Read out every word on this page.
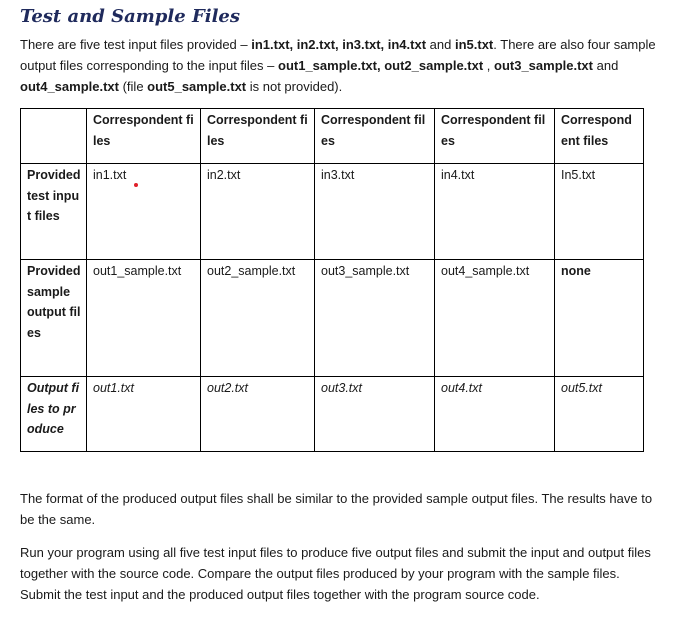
Test and Sample Files

There are five test input files provided – in1.txt, in2.txt, in3.txt, in4.txt and in5.txt. There are also four sample output files corresponding to the input files – out1_sample.txt, out2_sample.txt , out3_sample.txt and out4_sample.txt (file out5_sample.txt is not provided).

	Correspondent files	Correspondent files	Correspondent files	Correspondent files	Correspondent files
Provided test input files	in1.txt	in2.txt	in3.txt	in4.txt	In5.txt
Provided sample output files	out1_sample.txt	out2_sample.txt	out3_sample.txt	out4_sample.txt	none
Output files to produce	out1.txt	out2.txt	out3.txt	out4.txt	out5.txt

The format of the produced output files shall be similar to the provided sample output files. The results have to be the same.

Run your program using all five test input files to produce five output files and submit the input and output files together with the source code. Compare the output files produced by your program with the sample files. Submit the test input and the produced output files together with the program source code.
